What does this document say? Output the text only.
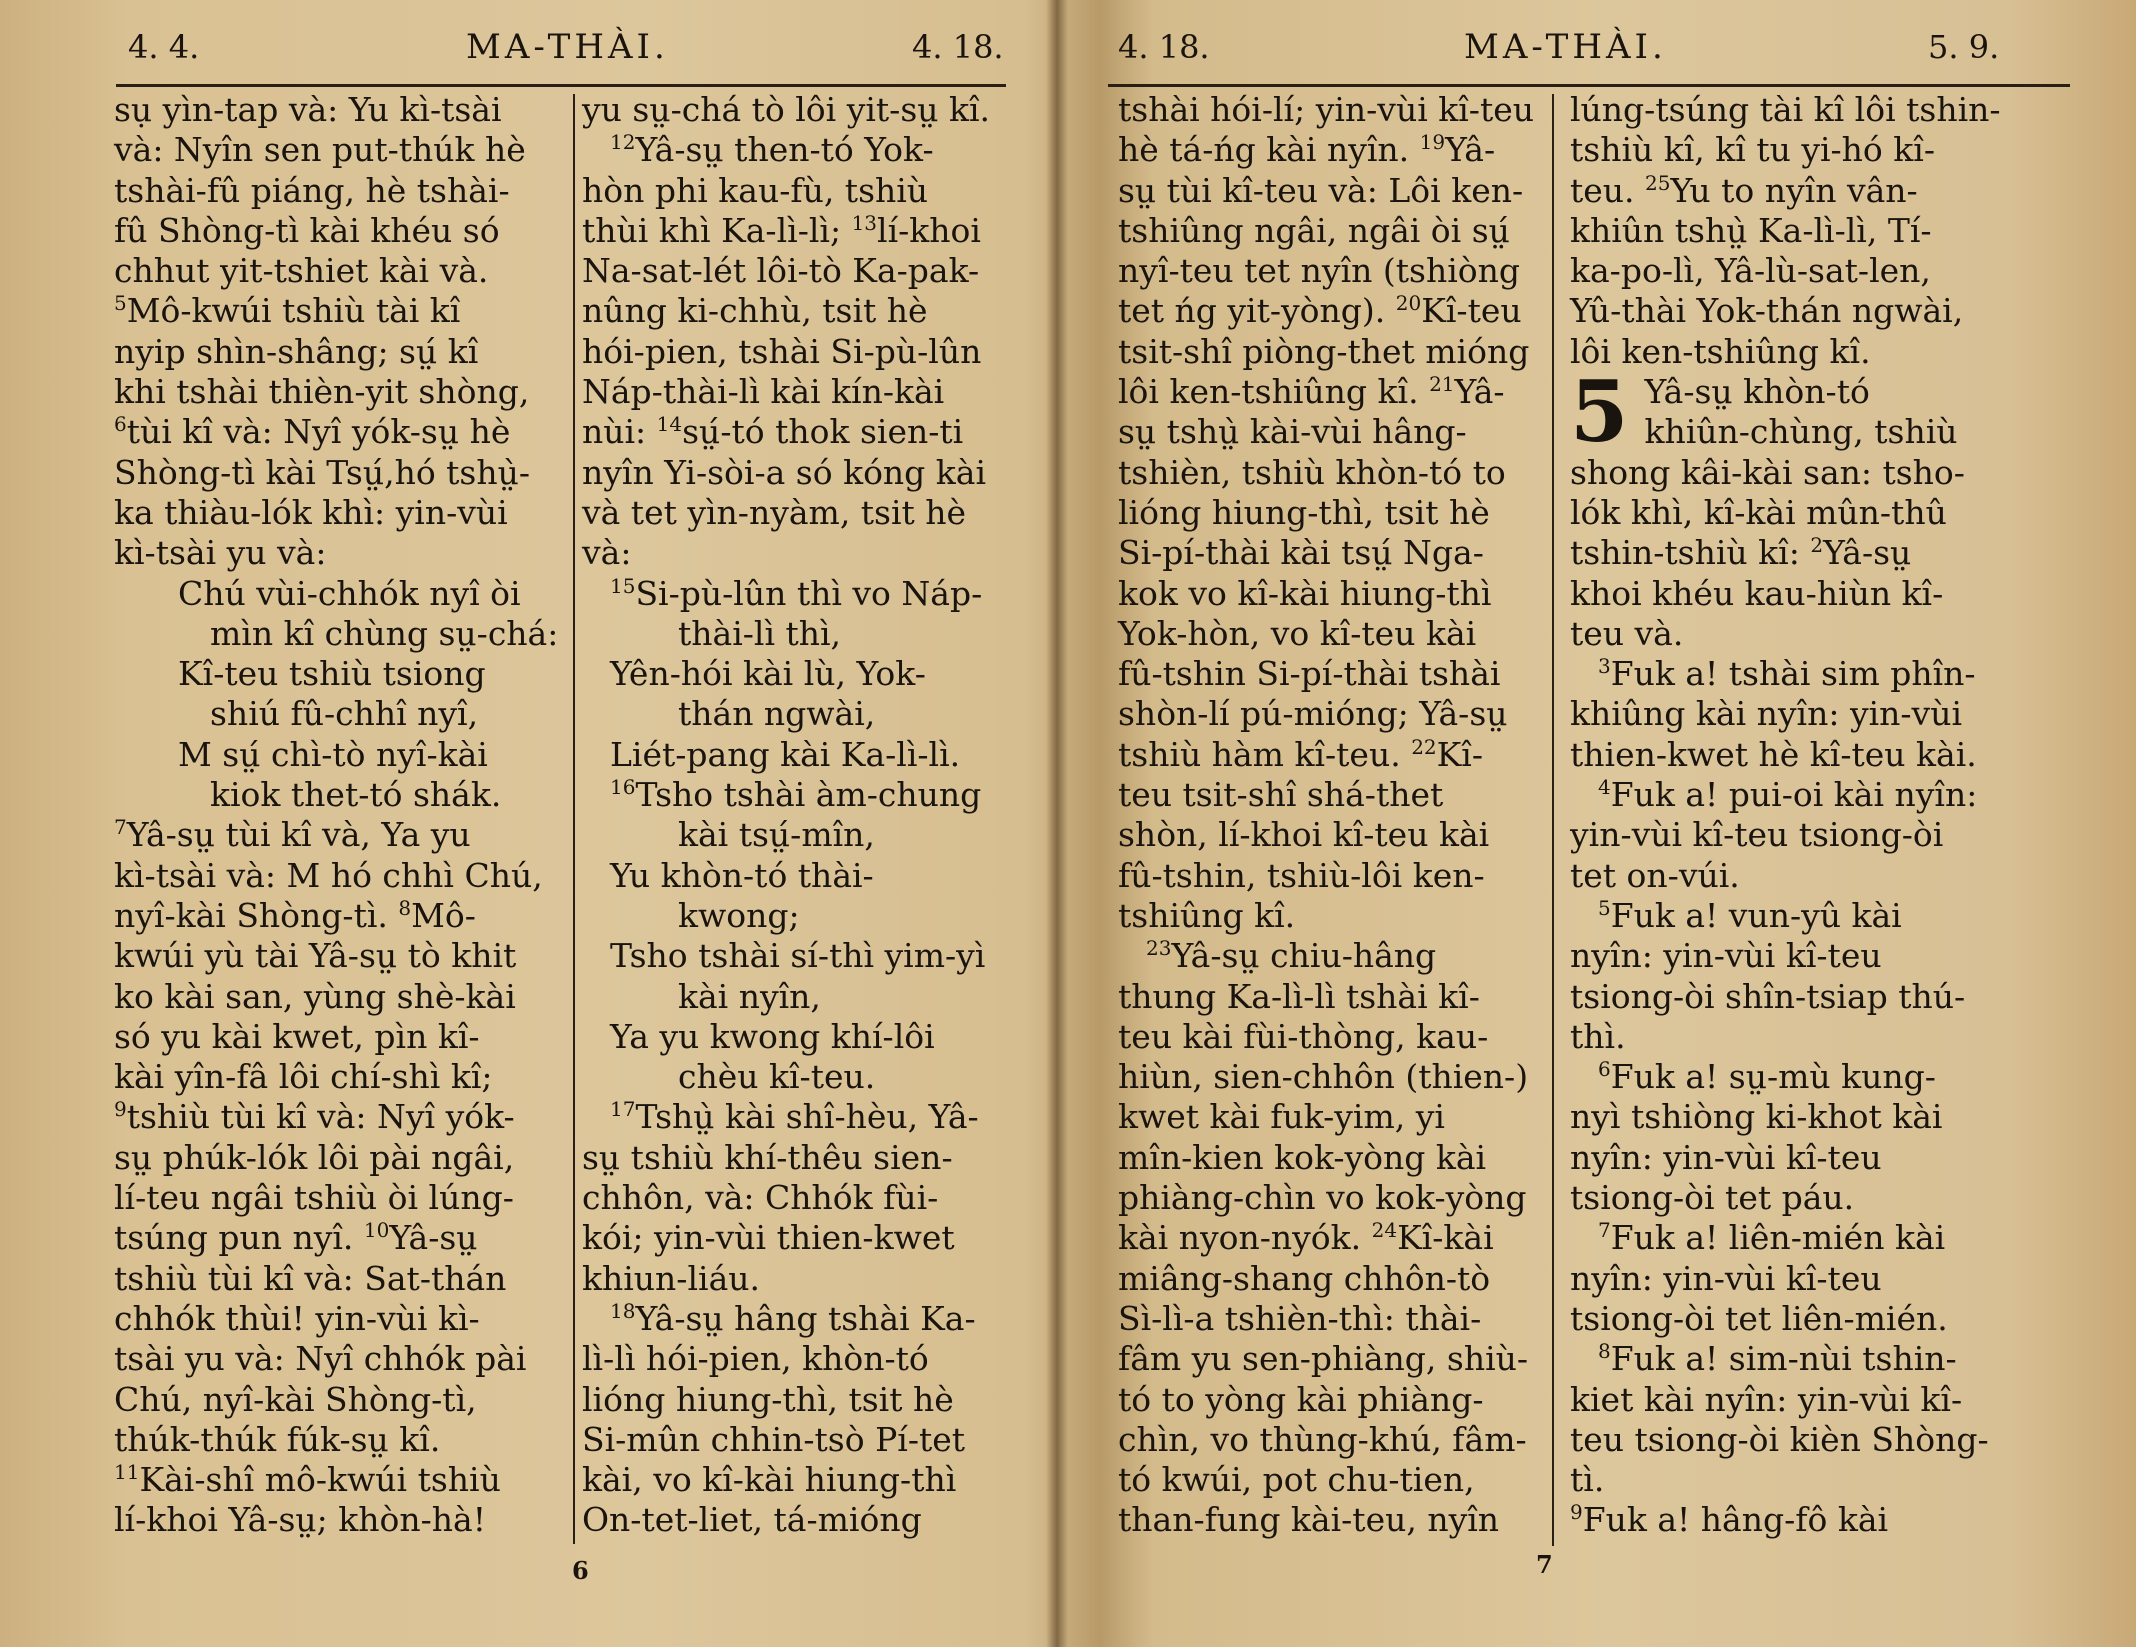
4. 4.	MA-THÀI.	4. 18.
sụ yìn-tap và: Yu kì-tsài
và: Nyîn sen put-thúk hè
tshài-fû piáng, hè tshài-
fû Shòng-tì kài khéu só
chhut yit-tshiet kài và.
$^5$Mô-kwúi tshiù tài kî
nyip shìn-shâng; sṳ́ kî
khi tshài thièn-yit shòng,
$^6$tùi kî và: Nyî yók-sṳ hè
Shòng-tì kài Tsṳ́,hó tshṳ̀-
ka thiàu-lók khì: yin-vùi
kì-tsài yu và:
Chú vùi-chhók nyî òi
mìn kî chùng sṳ-chá:
Kî-teu tshiù tsiong
shiú fû-chhî nyî,
M sṳ́ chì-tò nyî-kài
kiok thet-tó shák.
$^7$Yâ-sṳ tùi kî và, Ya yu
kì-tsài và: M hó chhì Chú,
nyî-kài Shòng-tì. $^8$Mô-
kwúi yù tài Yâ-sṳ tò khit
ko kài san, yùng shè-kài
só yu kài kwet, pìn kî-
kài yîn-fâ lôi chí-shì kî;
$^9$tshiù tùi kî và: Nyî yók-
sṳ phúk-lók lôi pài ngâi,
lí-teu ngâi tshiù òi lúng-
tsúng pun nyî. $^{10}$Yâ-sṳ
tshiù tùi kî và: Sat-thán
chhók thùi! yin-vùi kì-
tsài yu và: Nyî chhók pài
Chú, nyî-kài Shòng-tì,
thúk-thúk fúk-sṳ kî.
$^{11}$Kài-shî mô-kwúi tshiù
lí-khoi Yâ-sṳ; khòn-hà!
yu sṳ-chá tò lôi yit-sṳ kî.
$^{12}$Yâ-sṳ then-tó Yok-
hòn phi kau-fù, tshiù
thùi khì Ka-lì-lì; $^{13}$lí-khoi
Na-sat-lét lôi-tò Ka-pak-
nûng ki-chhù, tsit hè
hói-pien, tshài Si-pù-lûn
Náp-thài-lì kài kín-kài
nùi: $^{14}$sṳ́-tó thok sien-ti
nyîn Yi-sòi-a só kóng kài
và tet yìn-nyàm, tsit hè
và:
$^{15}$Si-pù-lûn thì vo Náp-
thài-lì thì,
Yên-hói kài lù, Yok-
thán ngwài,
Liét-pang kài Ka-lì-lì.
$^{16}$Tsho tshài àm-chung
kài tsṳ́-mîn,
Yu khòn-tó thài-
kwong;
Tsho tshài sí-thì yim-yì
kài nyîn,
Ya yu kwong khí-lôi
chèu kî-teu.
$^{17}$Tshṳ̀ kài shî-hèu, Yâ-
sṳ tshiù khí-thêu sien-
chhôn, và: Chhók fùi-
kói; yin-vùi thien-kwet
khiun-liáu.
$^{18}$Yâ-sṳ hâng tshài Ka-
lì-lì hói-pien, khòn-tó
lióng hiung-thì, tsit hè
Si-mûn chhin-tsò Pí-tet
kài, vo kî-kài hiung-thì
On-tet-liet, tá-mióng
6
4. 18.	MA-THÀI.	5. 9.
tshài hói-lí; yin-vùi kî-teu
hè tá-ńg kài nyîn. $^{19}$Yâ-
sṳ tùi kî-teu và: Lôi ken-
tshiûng ngâi, ngâi òi sṳ́
nyî-teu tet nyîn (tshiòng
tet ńg yit-yòng). $^{20}$Kî-teu
tsit-shî piòng-thet mióng
lôi ken-tshiûng kî. $^{21}$Yâ-
sṳ tshṳ̀ kài-vùi hâng-
tshièn, tshiù khòn-tó to
lióng hiung-thì, tsit hè
Si-pí-thài kài tsṳ́ Nga-
kok vo kî-kài hiung-thì
Yok-hòn, vo kî-teu kài
fû-tshin Si-pí-thài tshài
shòn-lí pú-mióng; Yâ-sṳ
tshiù hàm kî-teu. $^{22}$Kî-
teu tsit-shî shá-thet
shòn, lí-khoi kî-teu kài
fû-tshin, tshiù-lôi ken-
tshiûng kî.
$^{23}$Yâ-sṳ chiu-hâng
thung Ka-lì-lì tshài kî-
teu kài fùi-thòng, kau-
hiùn, sien-chhôn (thien-)
kwet kài fuk-yim, yi
mîn-kien kok-yòng kài
phiàng-chìn vo kok-yòng
kài nyon-nyók. $^{24}$Kî-kài
miâng-shang chhôn-tò
Sì-lì-a tshièn-thì: thài-
fâm yu sen-phiàng, shiù-
tó to yòng kài phiàng-
chìn, vo thùng-khú, fâm-
tó kwúi, pot chu-tien,
than-fung kài-teu, nyîn
lúng-tsúng tài kî lôi tshin-
tshiù kî, kî tu yi-hó kî-
teu. $^{25}$Yu to nyîn vân-
khiûn tshṳ̀ Ka-lì-lì, Tí-
ka-po-lì, Yâ-lù-sat-len,
Yû-thài Yok-thán ngwài,
lôi ken-tshiûng kî.
5 Yâ-sṳ khòn-tó
khiûn-chùng, tshiù
shong kâi-kài san: tsho-
lók khì, kî-kài mûn-thû
tshin-tshiù kî: $^2$Yâ-sṳ
khoi khéu kau-hiùn kî-
teu và.
$^3$Fuk a! tshài sim phîn-
khiûng kài nyîn: yin-vùi
thien-kwet hè kî-teu kài.
$^4$Fuk a! pui-oi kài nyîn:
yin-vùi kî-teu tsiong-òi
tet on-vúi.
$^5$Fuk a! vun-yû kài
nyîn: yin-vùi kî-teu
tsiong-òi shîn-tsiap thú-
thì.
$^6$Fuk a! sṳ-mù kung-
nyì tshiòng ki-khot kài
nyîn: yin-vùi kî-teu
tsiong-òi tet páu.
$^7$Fuk a! liên-mién kài
nyîn: yin-vùi kî-teu
tsiong-òi tet liên-mién.
$^8$Fuk a! sim-nùi tshin-
kiet kài nyîn: yin-vùi kî-
teu tsiong-òi kièn Shòng-
tì.
$^9$Fuk a! hâng-fô kài
7
